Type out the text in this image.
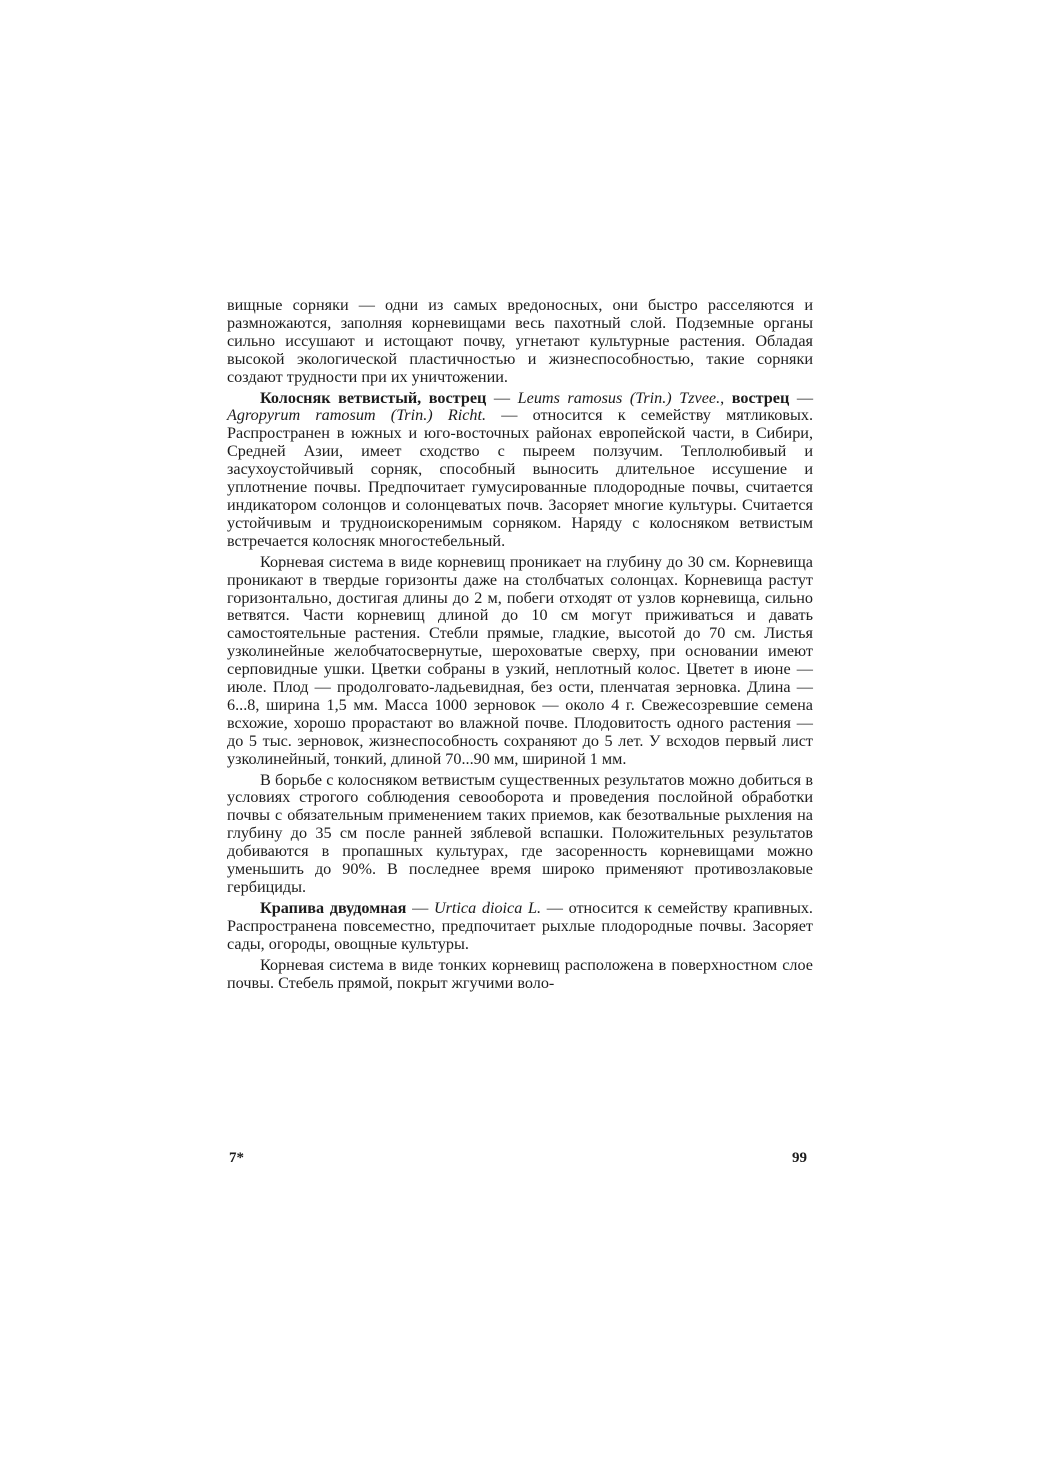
вищные сорняки — одни из самых вредоносных, они быстро расселяются и размножаются, заполняя корневищами весь пахотный слой. Подземные органы сильно иссушают и истощают почву, угнетают культурные растения. Обладая высокой экологической пластичностью и жизнеспособностью, такие сорняки создают трудности при их уничтожении.

Колосняк ветвистый, вострец — Leums ramosus (Trin.) Tzvee., вострец — Agropyrum ramosum (Trin.) Richt. — относится к семейству мятликовых. Распространен в южных и юго-восточных районах европейской части, в Сибири, Средней Азии, имеет сходство с пыреем ползучим. Теплолюбивый и засухоустойчивый сорняк, способный выносить длительное иссушение и уплотнение почвы. Предпочитает гумусированные плодородные почвы, считается индикатором солонцов и солонцеватых почв. Засоряет многие культуры. Считается устойчивым и трудноискоренимым сорняком. Наряду с колосняком ветвистым встречается колосняк многостебельный.

Корневая система в виде корневищ проникает на глубину до 30 см. Корневища проникают в твердые горизонты даже на столбчатых солонцах. Корневища растут горизонтально, достигая длины до 2 м, побеги отходят от узлов корневища, сильно ветвятся. Части корневищ длиной до 10 см могут приживаться и давать самостоятельные растения. Стебли прямые, гладкие, высотой до 70 см. Листья узколинейные желобчатосвернутые, шероховатые сверху, при основании имеют серповидные ушки. Цветки собраны в узкий, неплотный колос. Цветет в июне — июле. Плод — продолговато-ладьевидная, без ости, пленчатая зерновка. Длина — 6...8, ширина 1,5 мм. Масса 1000 зерновок — около 4 г. Свежесозревшие семена всхожие, хорошо прорастают во влажной почве. Плодовитость одного растения — до 5 тыс. зерновок, жизнеспособность сохраняют до 5 лет. У всходов первый лист узколинейный, тонкий, длиной 70...90 мм, шириной 1 мм.

В борьбе с колосняком ветвистым существенных результатов можно добиться в условиях строгого соблюдения севооборота и проведения послойной обработки почвы с обязательным применением таких приемов, как безотвальные рыхления на глубину до 35 см после ранней зяблевой вспашки. Положительных результатов добиваются в пропашных культурах, где засоренность корневищами можно уменьшить до 90%. В последнее время широко применяют противозлаковые гербициды.

Крапива двудомная — Urtica dioica L. — относится к семейству крапивных. Распространена повсеместно, предпочитает рыхлые плодородные почвы. Засоряет сады, огороды, овощные культуры.

Корневая система в виде тонких корневищ расположена в поверхностном слое почвы. Стебель прямой, покрыт жгучими воло-

7*	99
